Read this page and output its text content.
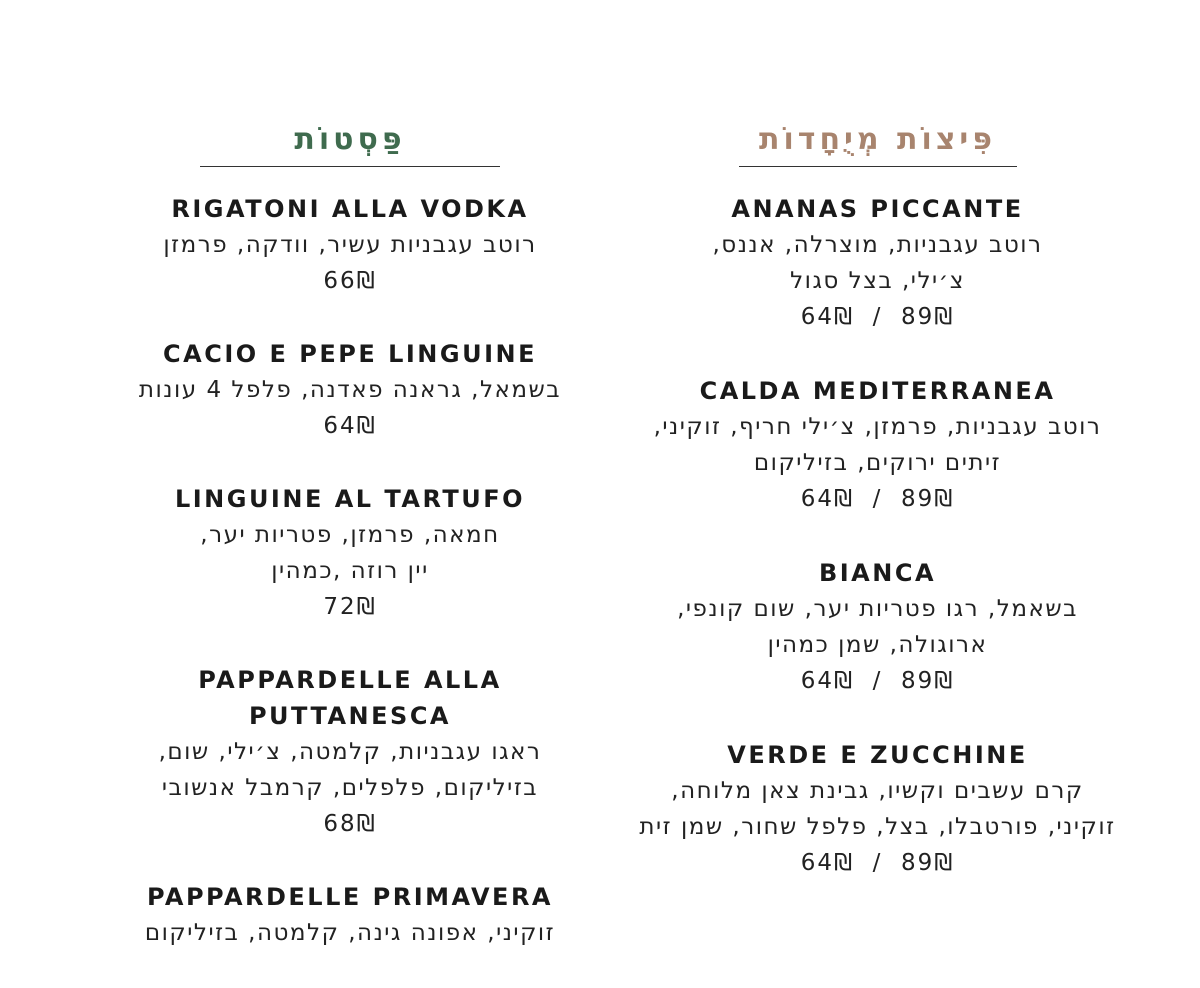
פַּסְטוֹת
RIGATONI ALLA VODKA
רוטב עגבניות עשיר, וודקה, פרמזן
66₪
CACIO E PEPE LINGUINE
בשמאל, גראנה פאדנה, פלפל 4 עונות
64₪
LINGUINE AL TARTUFO
חמאה, פרמזן, פטריות יער,
יין רוזה ,כמהין
72₪
PAPPARDELLE ALLA PUTTANESCA
ראגו עגבניות, קלמטה, צ׳ילי, שום,
בזיליקום, פלפלים, קרמבל אנשובי
68₪
PAPPARDELLE PRIMAVERA
זוקיני, אפונה גינה, קלמטה, בזיליקום
פִּיצוֹת מְיֻחָדוֹת
ANANAS PICCANTE
רוטב עגבניות, מוצרלה, אננס,
צ׳ילי, בצל סגול
64₪  /  89₪
CALDA MEDITERRANEA
רוטב עגבניות, פרמזן, צ׳ילי חריף, זוקיני,
זיתים ירוקים, בזיליקום
64₪  /  89₪
BIANCA
בשאמל, רגו פטריות יער, שום קונפי,
ארוגולה, שמן כמהין
64₪  /  89₪
VERDE E ZUCCHINE
קרם עשבים וקשיו, גבינת צאן מלוחה,
זוקיני, פורטבלו, בצל, פלפל שחור, שמן זית
64₪  /  89₪
